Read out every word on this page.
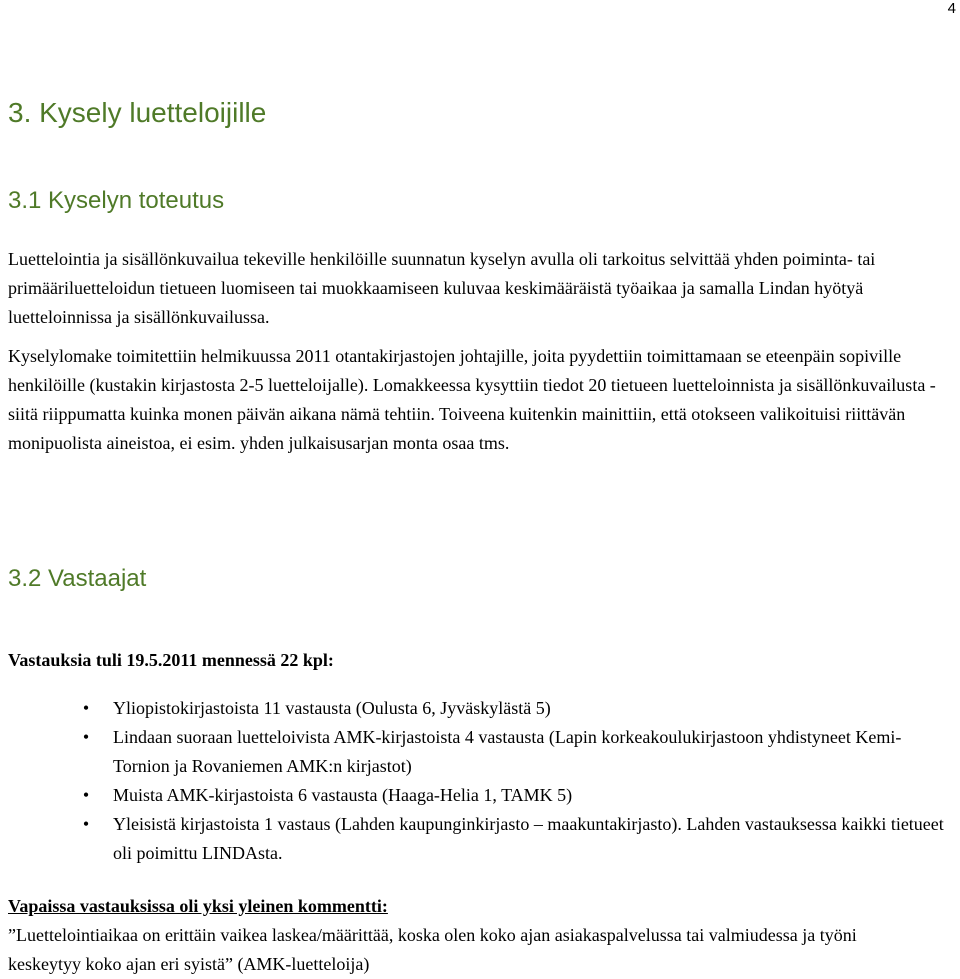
4
3. Kysely luetteloijille
3.1 Kyselyn toteutus

Luettelointia ja sisällönkuvailua tekeville henkilöille suunnatun kyselyn avulla oli tarkoitus selvittää yhden poiminta- tai primääriluetteloidun tietueen luomiseen tai muokkaamiseen kuluvaa keskimääräistä työaikaa ja samalla Lindan hyötyä luetteloinnissa ja sisällönkuvailussa.

Kyselylomake toimitettiin helmikuussa 2011 otantakirjastojen johtajille, joita pyydettiin toimittamaan se eteenpäin sopiville henkilöille (kustakin kirjastosta 2-5 luetteloijalle). Lomakkeessa kysyttiin tiedot 20 tietueen luetteloinnista ja sisällönkuvailusta - siitä riippumatta kuinka monen päivän aikana nämä tehtiin. Toiveena kuitenkin mainittiin, että otokseen valikoituisi riittävän monipuolista aineistoa, ei esim. yhden julkaisusarjan monta osaa tms.

3.2 Vastaajat

Vastauksia tuli 19.5.2011 mennessä 22 kpl:

• Yliopistokirjastoista 11 vastausta (Oulusta 6, Jyväskylästä 5)
• Lindaan suoraan luetteloivista AMK-kirjastoista 4 vastausta (Lapin korkeakoulukirjastoon yhdistyneet Kemi-Tornion ja Rovaniemen AMK:n kirjastot)
• Muista AMK-kirjastoista 6 vastausta (Haaga-Helia 1, TAMK 5)
• Yleisistä kirjastoista 1 vastaus (Lahden kaupunginkirjasto – maakuntakirjasto). Lahden vastauksessa kaikki tietueet oli poimittu LINDAsta.

Vapaissa vastauksissa oli yksi yleinen kommentti:

”Luettelointiaikaa on erittäin vaikea laskea/määrittää, koska olen koko ajan asiakaspalvelussa tai valmiudessa ja työni keskeytyy koko ajan eri syistä” (AMK-luetteloija)
